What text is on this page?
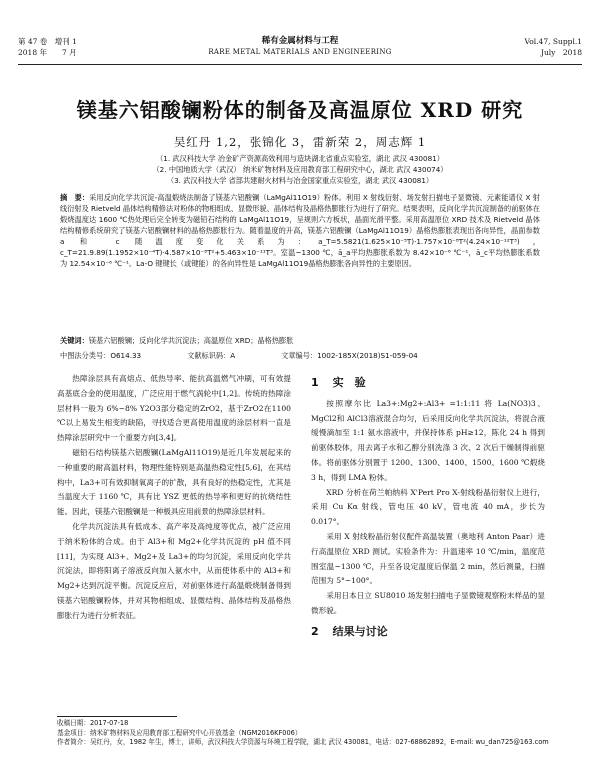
第 47 卷　增刊 1
2018 年　　7 月
稀有金属材料与工程
RARE METAL MATERIALS AND ENGINEERING
Vol.47, Suppl.1
July　2018
镁基六铝酸镧粉体的制备及高温原位 XRD 研究
吴红丹 1,2，张锦化 3，雷新荣 2，周志辉 1
（1. 武汉科技大学 冶金矿产资源高效利用与造块湖北省重点实验室，湖北 武汉 430081）
（2. 中国地质大学（武汉） 纳米矿物材料及应用教育部工程研究中心，湖北 武汉 430074）
（3. 武汉科技大学 省部共建耐火材料与冶金国家重点实验室，湖北 武汉 430081）
摘　要：采用反向化学共沉淀-高温煅烧法制备了镁基六铝酸镧（LaMgAl11O19）粉体。利用 X 射线衍射、场发射扫描电子显微镜、元素能谱仪 X 射线衍射及 Rietveld 晶体结构精修法对粉体的物相组成、显微形貌、晶体结构及晶格热膨胀行为进行了研究。结果表明，反向化学共沉淀制备的前驱体在煅烧温度达 1600 ℃热处理后完全转变为磁铅石结构的 LaMgAl11O19，呈规则六方板状，晶面光滑平整。采用高温原位 XRD 技术及 Rietveld 晶体结构精修系统研究了镁基六铝酸镧材料的晶格热膨胀行为。随着温度的升高，镁基六铝酸镧（LaMgAl11O19）晶格热膨胀表现出各向异性，晶面参数 a 和 c 随温度变化关系为：a_T=5.5821(1.625×10⁻⁵T)·1.757×10⁻⁸T²(4.24×10⁻¹²T³)，c_T=21.9.89(1.1952×10⁻⁴T)·4.587×10⁻⁸T²+5.463×10⁻¹¹T³。室温~1300 ℃，ā_a平均热膨胀系数为 8.42×10⁻⁶ ℃⁻¹，ā_c平均热膨胀系数为 12.54×10⁻⁶ ℃⁻¹。La-O 键键长（或键能）的各向异性是 LaMgAl11O19晶格热膨胀各向异性的主要原因。
关键词：镁基六铝酸镧；反向化学共沉淀法；高温原位 XRD；晶格热膨胀
中图法分类号：O614.33	文献标识码：A	文章编号：1002-185X(2018)S1-059-04

热障涂层具有高熔点、低热导率、能抗高温燃气冲刷，可有效提高基底合金的使用温度，广泛应用于燃气涡轮中[1,2]。传统的热障涂层材料一般为 6%~8% Y2O3部分稳定的ZrO2，基于ZrO2在1100 ℃以上易发生相变的缺陷，寻找适合更高使用温度的涂层材料一直是热障涂层研究中一个重要方向[3,4]。

磁铅石结构镁基六铝酸镧(LaMgAl11O19)是近几年发展起来的一种重要的耐高温材料，物理性能特别是高温热稳定性[5,6]，在其结构中，La3+可有效抑制氧离子的扩散，具有良好的热稳定性，尤其是当温度大于 1160 ℃，具有比 YSZ 更低的热导率和更好的抗烧结性能。因此，镁基六铝酸镧是一种极具应用前景的热障涂层材料。

化学共沉淀法具有低成本、高产率及高纯度等优点，被广泛应用于纳米粉体的合成。由于 Al3+和 Mg2+化学共沉淀的 pH 值不同[11]，为实现 Al3+、Mg2+及 La3+的均匀沉淀，采用反向化学共沉淀法，即将阳离子溶液反向加入氨水中，从而使体系中的 Al3+和 Mg2+达到沉淀平衡。沉淀反应后，对前驱体进行高温煅烧制备得到镁基六铝酸镧粉体，并对其物相组成、显微结构、晶体结构及晶格热膨胀行为进行分析表征。

1 实　验

按照摩尔比 La3+:Mg2+:Al3+ =1:1:11 将 La(NO3)3、MgCl2和 AlCl3溶液混合均匀，后采用反向化学共沉淀法，将混合液缓慢滴加至 1:1 氨水溶液中，并保持体系 pH≥12，陈化 24 h 得到前驱体胶体，用去离子水和乙醇分别洗涤 3 次、2 次后干燥制得前驱体。将前驱体分别置于 1200、1300、1400、1500、1600 ℃煅烧 3 h，得到 LMA 粉体。

XRD 分析在荷兰帕纳科 X'Pert Pro X-射线粉晶衍射仪上进行，采用 Cu Kα 射线，管电压 40 kV，管电流 40 mA，步长为 0.017°。

采用 X 射线粉晶衍射仪配件高温装置（奥地利 Anton Paar）进行高温原位 XRD 测试。实验条件为：升温速率 10 ℃/min，温度范围室温~1300 ℃，升至各设定温度后保温 2 min，然后测量，扫描范围为 5°~100°。

采用日本日立 SU8010 场发射扫描电子显微镜观察粉末样品的显微形貌。

2 结果与讨论
收稿日期：2017-07-18
基金项目：纳米矿物材料及应用教育部工程研究中心开放基金（NGM2016KF006）
作者简介：吴红丹，女，1982 年生，博士，讲师，武汉科技大学资源与环境工程学院，湖北 武汉 430081，电话：027-68862892，E-mail: wu_dan725@163.com
